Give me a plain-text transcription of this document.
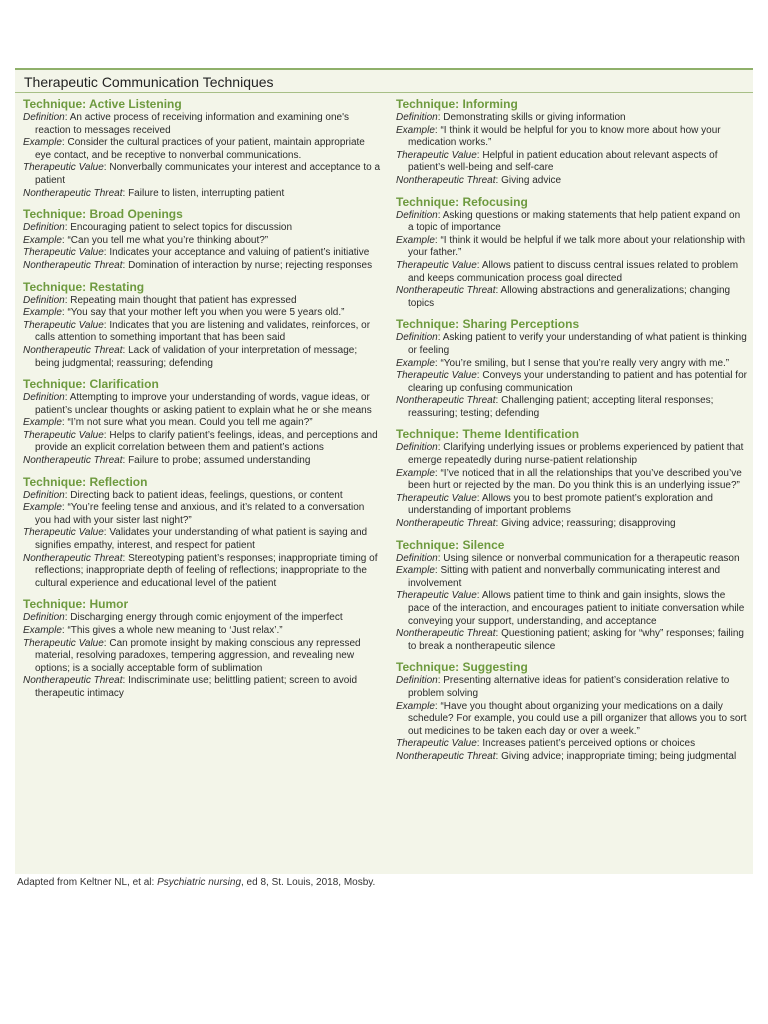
Therapeutic Communication Techniques
Technique: Active Listening

Definition: An active process of receiving information and examining one's reaction to messages received

Example: Consider the cultural practices of your patient, maintain appropriate eye contact, and be receptive to nonverbal communications.

Therapeutic Value: Nonverbally communicates your interest and acceptance to a patient

Nontherapeutic Threat: Failure to listen, interrupting patient

Technique: Broad Openings

Definition: Encouraging patient to select topics for discussion

Example: “Can you tell me what you’re thinking about?”

Therapeutic Value: Indicates your acceptance and valuing of patient’s initiative

Nontherapeutic Threat: Domination of interaction by nurse; rejecting responses

Technique: Restating

Definition: Repeating main thought that patient has expressed

Example: “You say that your mother left you when you were 5 years old.”

Therapeutic Value: Indicates that you are listening and validates, reinforces, or calls attention to something important that has been said

Nontherapeutic Threat: Lack of validation of your interpretation of message; being judgmental; reassuring; defending

Technique: Clarification

Definition: Attempting to improve your understanding of words, vague ideas, or patient’s unclear thoughts or asking patient to explain what he or she means

Example: “I’m not sure what you mean. Could you tell me again?”

Therapeutic Value: Helps to clarify patient’s feelings, ideas, and perceptions and provide an explicit correlation between them and patient’s actions

Nontherapeutic Threat: Failure to probe; assumed understanding

Technique: Reflection

Definition: Directing back to patient ideas, feelings, questions, or content

Example: “You’re feeling tense and anxious, and it’s related to a conversation you had with your sister last night?”

Therapeutic Value: Validates your understanding of what patient is saying and signifies empathy, interest, and respect for patient

Nontherapeutic Threat: Stereotyping patient’s responses; inappropriate timing of reflections; inappropriate depth of feeling of reflections; inappropriate to the cultural experience and educational level of the patient

Technique: Humor

Definition: Discharging energy through comic enjoyment of the imperfect

Example: “This gives a whole new meaning to ‘Just relax’.”

Therapeutic Value: Can promote insight by making conscious any repressed material, resolving paradoxes, tempering aggression, and revealing new options; is a socially acceptable form of sublimation

Nontherapeutic Threat: Indiscriminate use; belittling patient; screen to avoid therapeutic intimacy

Technique: Informing

Definition: Demonstrating skills or giving information

Example: “I think it would be helpful for you to know more about how your medication works.”

Therapeutic Value: Helpful in patient education about relevant aspects of patient’s well-being and self-care

Nontherapeutic Threat: Giving advice

Technique: Refocusing

Definition: Asking questions or making statements that help patient expand on a topic of importance

Example: “I think it would be helpful if we talk more about your relationship with your father.”

Therapeutic Value: Allows patient to discuss central issues related to problem and keeps communication process goal directed

Nontherapeutic Threat: Allowing abstractions and generalizations; changing topics

Technique: Sharing Perceptions

Definition: Asking patient to verify your understanding of what patient is thinking or feeling

Example: “You’re smiling, but I sense that you’re really very angry with me.”

Therapeutic Value: Conveys your understanding to patient and has potential for clearing up confusing communication

Nontherapeutic Threat: Challenging patient; accepting literal responses; reassuring; testing; defending

Technique: Theme Identification

Definition: Clarifying underlying issues or problems experienced by patient that emerge repeatedly during nurse-patient relationship

Example: “I’ve noticed that in all the relationships that you’ve described you’ve been hurt or rejected by the man. Do you think this is an underlying issue?”

Therapeutic Value: Allows you to best promote patient’s exploration and understanding of important problems

Nontherapeutic Threat: Giving advice; reassuring; disapproving

Technique: Silence

Definition: Using silence or nonverbal communication for a therapeutic reason

Example: Sitting with patient and nonverbally communicating interest and involvement

Therapeutic Value: Allows patient time to think and gain insights, slows the pace of the interaction, and encourages patient to initiate conversation while conveying your support, understanding, and acceptance

Nontherapeutic Threat: Questioning patient; asking for “why” responses; failing to break a nontherapeutic silence

Technique: Suggesting

Definition: Presenting alternative ideas for patient’s consideration relative to problem solving

Example: “Have you thought about organizing your medications on a daily schedule? For example, you could use a pill organizer that allows you to sort out medicines to be taken each day or over a week.”

Therapeutic Value: Increases patient’s perceived options or choices

Nontherapeutic Threat: Giving advice; inappropriate timing; being judgmental

Adapted from Keltner NL, et al: Psychiatric nursing, ed 8, St. Louis, 2018, Mosby.
